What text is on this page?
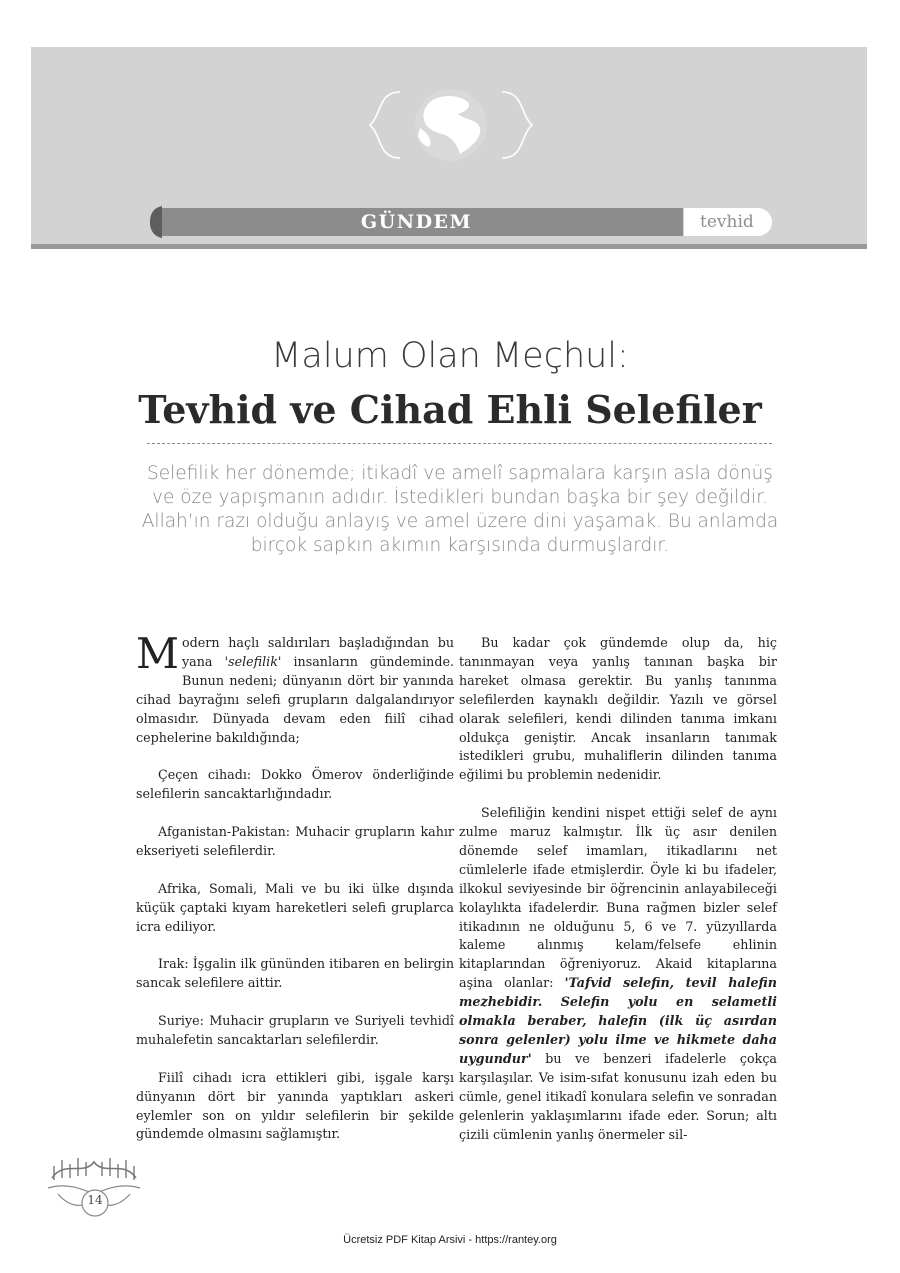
GÜNDEM	tevhid
Malum Olan Meçhul:
Tevhid ve Cihad Ehli Selefiler

Selefilik her dönemde; itikadî ve amelî sapmalara karşın asla dönüş ve öze yapışmanın adıdır. İstedikleri bundan başka bir şey değildir. Allah’ın razı olduğu anlayış ve amel üzere dini yaşamak. Bu anlamda birçok sapkın akımın karşısında durmuşlardır.

Modern haçlı saldırıları başladığından bu yana 'selefilik' insanların gündeminde. Bunun nedeni; dünyanın dört bir yanında cihad bayrağını selefi grupların dalgalandırıyor olmasıdır. Dünyada devam eden fiilî cihad cephelerine bakıldığında;

Çeçen cihadı: Dokko Ömerov önderliğinde selefilerin sancaktarlığındadır.

Afganistan-Pakistan: Muhacir grupların kahır ekseriyeti selefilerdir.

Afrika, Somali, Mali ve bu iki ülke dışında küçük çaptaki kıyam hareketleri selefi gruplarca icra ediliyor.

Irak: İşgalin ilk gününden itibaren en belirgin sancak selefilere aittir.

Suriye: Muhacir grupların ve Suriyeli tevhidî muhalefetin sancaktarları selefilerdir.

Fiilî cihadı icra ettikleri gibi, işgale karşı dünyanın dört bir yanında yaptıkları askeri eylemler son on yıldır selefilerin bir şekilde gündemde olmasını sağlamıştır.

Bu kadar çok gündemde olup da, hiç tanınmayan veya yanlış tanınan başka bir hareket olmasa gerektir. Bu yanlış tanınma selefilerden kaynaklı değildir. Yazılı ve görsel olarak selefileri, kendi dilinden tanıma imkanı oldukça geniştir. Ancak insanların tanımak istedikleri grubu, muhaliflerin dilinden tanıma eğilimi bu problemin nedenidir.

Selefiliğin kendini nispet ettiği selef de aynı zulme maruz kalmıştır. İlk üç asır denilen dönemde selef imamları, itikadlarını net cümlelerle ifade etmişlerdir. Öyle ki bu ifadeler, ilkokul seviyesinde bir öğrencinin anlayabileceği kolaylıkta ifadelerdir. Buna rağmen bizler selef itikadının ne olduğunu 5, 6 ve 7. yüzyıllarda kaleme alınmış kelam/felsefe ehlinin kitaplarından öğreniyoruz. Akaid kitaplarına aşina olanlar: 'Tafvid selefin, tevil halefin mezhebidir. Selefin yolu en selametli olmakla beraber, halefin (ilk üç asırdan sonra gelenler) yolu ilme ve hikmete daha uygundur' bu ve benzeri ifadelerle çokça karşılaşılar. Ve isim-sıfat konusunu izah eden bu cümle, genel itikadî konulara selefin ve sonradan gelenlerin yaklaşımlarını ifade eder. Sorun; altı çizili cümlenin yanlış önermeler sil-

14
Ücretsiz PDF Kitap Arsivi - https://rantey.org
